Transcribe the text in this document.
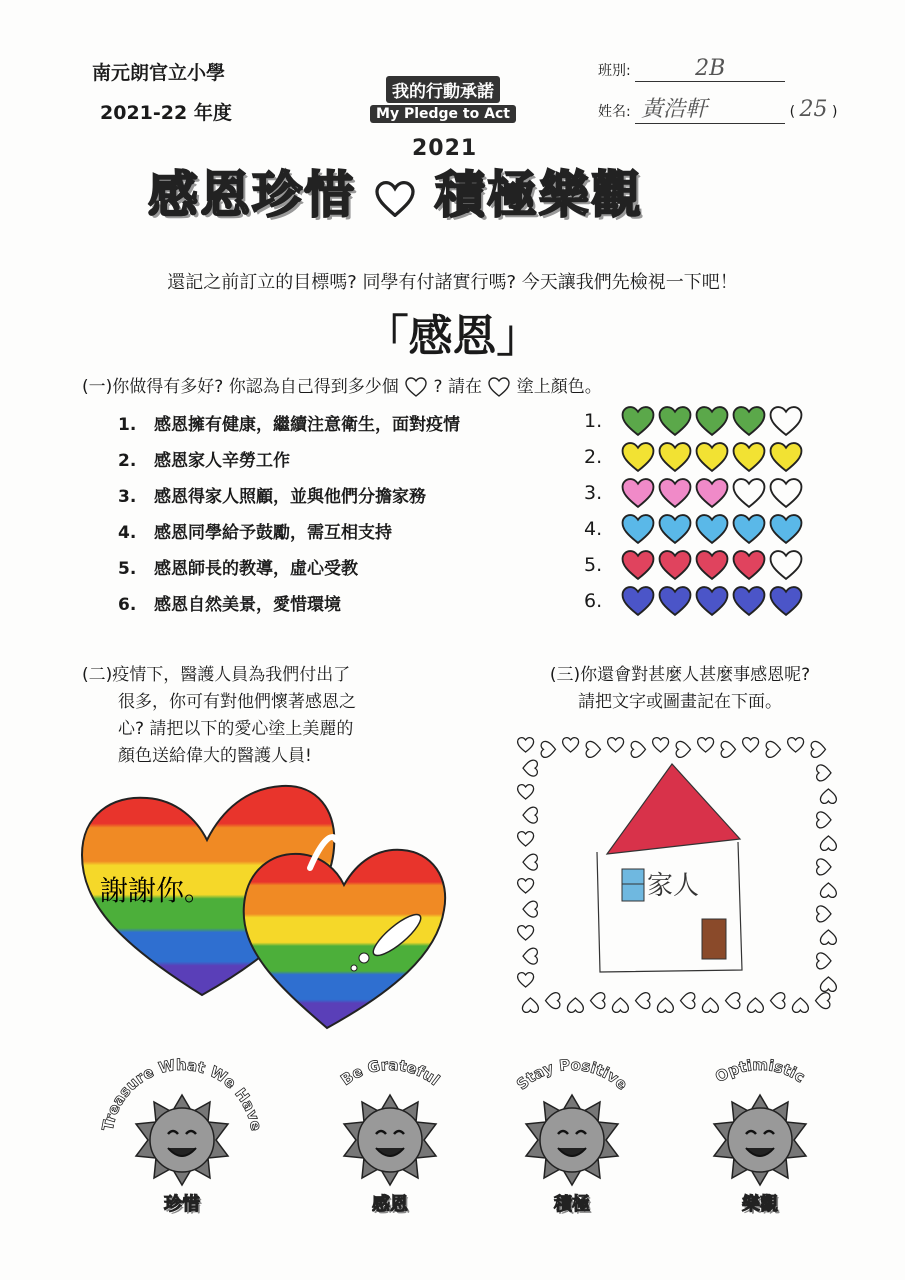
南元朗官立小學
2021-22 年度
我的行動承諾
My Pledge to Act
班別:	2B
姓名: 黃浩軒	( 25 )
2021
感恩珍惜 積極樂觀
還記之前訂立的目標嗎? 同學有付諸實行嗎? 今天讓我們先檢視一下吧！
「感恩」
(一)你做得有多好? 你認為自己得到多少個 ? 請在 塗上顏色。
1. 感恩擁有健康，繼續注意衛生，面對疫情	1.
2. 感恩家人辛勞工作	2.
3. 感恩得家人照顧，並與他們分擔家務	3.
4. 感恩同學給予鼓勵，需互相支持	4.
5. 感恩師長的教導，虛心受教	5.
6. 感恩自然美景，愛惜環境	6.
(二)疫情下，醫護人員為我們付出了
很多，你可有對他們懷著感恩之
心? 請把以下的愛心塗上美麗的
顏色送給偉大的醫護人員!
謝謝你。
(三)你還會對甚麼人甚麼事感恩呢?
請把文字或圖畫記在下面。
家人
Treasure What We Have
珍惜
Be Grateful
感恩
Stay Positive
積極
Optimistic
樂觀
